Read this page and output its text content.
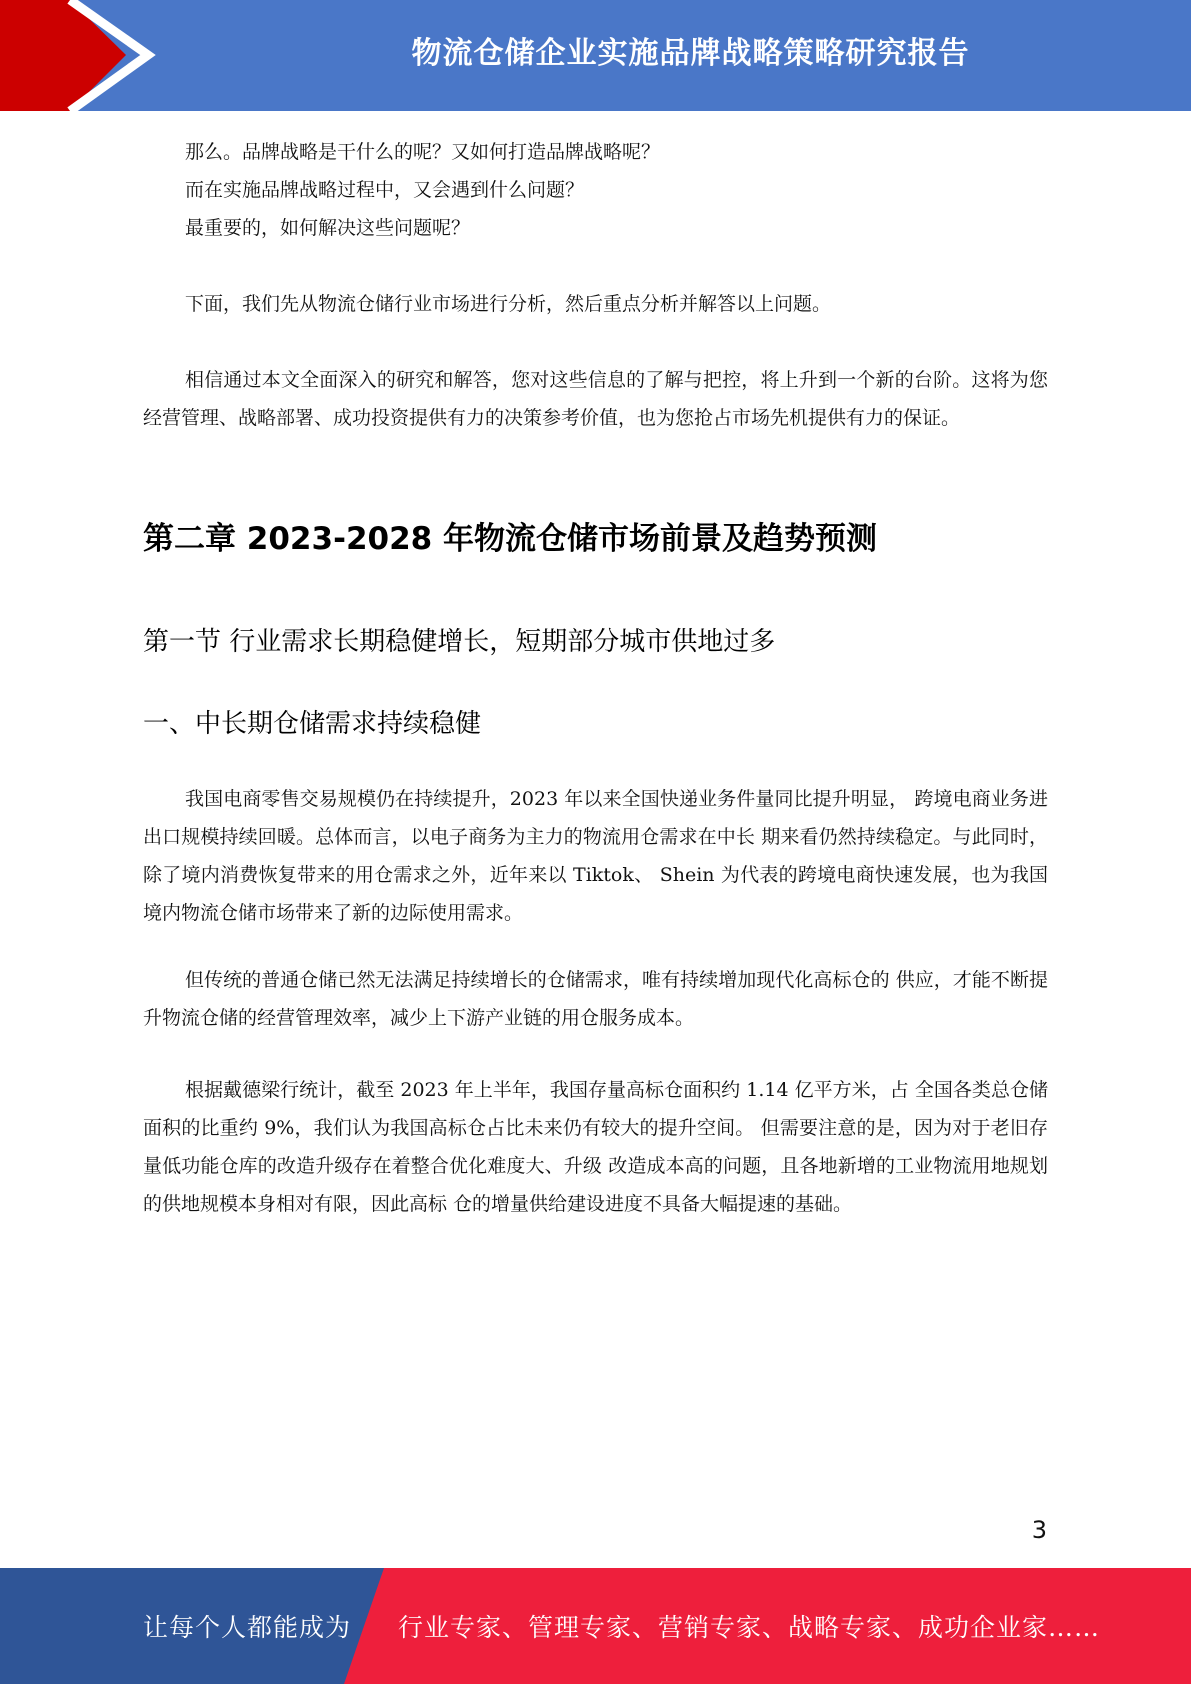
物流仓储企业实施品牌战略策略研究报告

那么。品牌战略是干什么的呢？又如何打造品牌战略呢？

而在实施品牌战略过程中，又会遇到什么问题？

最重要的，如何解决这些问题呢？

下面，我们先从物流仓储行业市场进行分析，然后重点分析并解答以上问题。

相信通过本文全面深入的研究和解答，您对这些信息的了解与把控，将上升到一个新的台阶。这将为您经营管理、战略部署、成功投资提供有力的决策参考价值，也为您抢占市场先机提供有力的保证。

第二章 2023-2028 年物流仓储市场前景及趋势预测
第一节 行业需求长期稳健增长，短期部分城市供地过多
一、中长期仓储需求持续稳健

我国电商零售交易规模仍在持续提升，2023 年以来全国快递业务件量同比提升明显， 跨境电商业务进出口规模持续回暖。总体而言，以电子商务为主力的物流用仓需求在中长 期来看仍然持续稳定。与此同时，除了境内消费恢复带来的用仓需求之外，近年来以 Tiktok、 Shein 为代表的跨境电商快速发展，也为我国境内物流仓储市场带来了新的边际使用需求。

但传统的普通仓储已然无法满足持续增长的仓储需求，唯有持续增加现代化高标仓的 供应，才能不断提升物流仓储的经营管理效率，减少上下游产业链的用仓服务成本。

根据戴德梁行统计，截至 2023 年上半年，我国存量高标仓面积约 1.14 亿平方米，占 全国各类总仓储面积的比重约 9%，我们认为我国高标仓占比未来仍有较大的提升空间。 但需要注意的是，因为对于老旧存量低功能仓库的改造升级存在着整合优化难度大、升级 改造成本高的问题，且各地新增的工业物流用地规划的供地规模本身相对有限，因此高标 仓的增量供给建设进度不具备大幅提速的基础。

3
让每个人都能成为 行业专家、管理专家、营销专家、战略专家、成功企业家……
